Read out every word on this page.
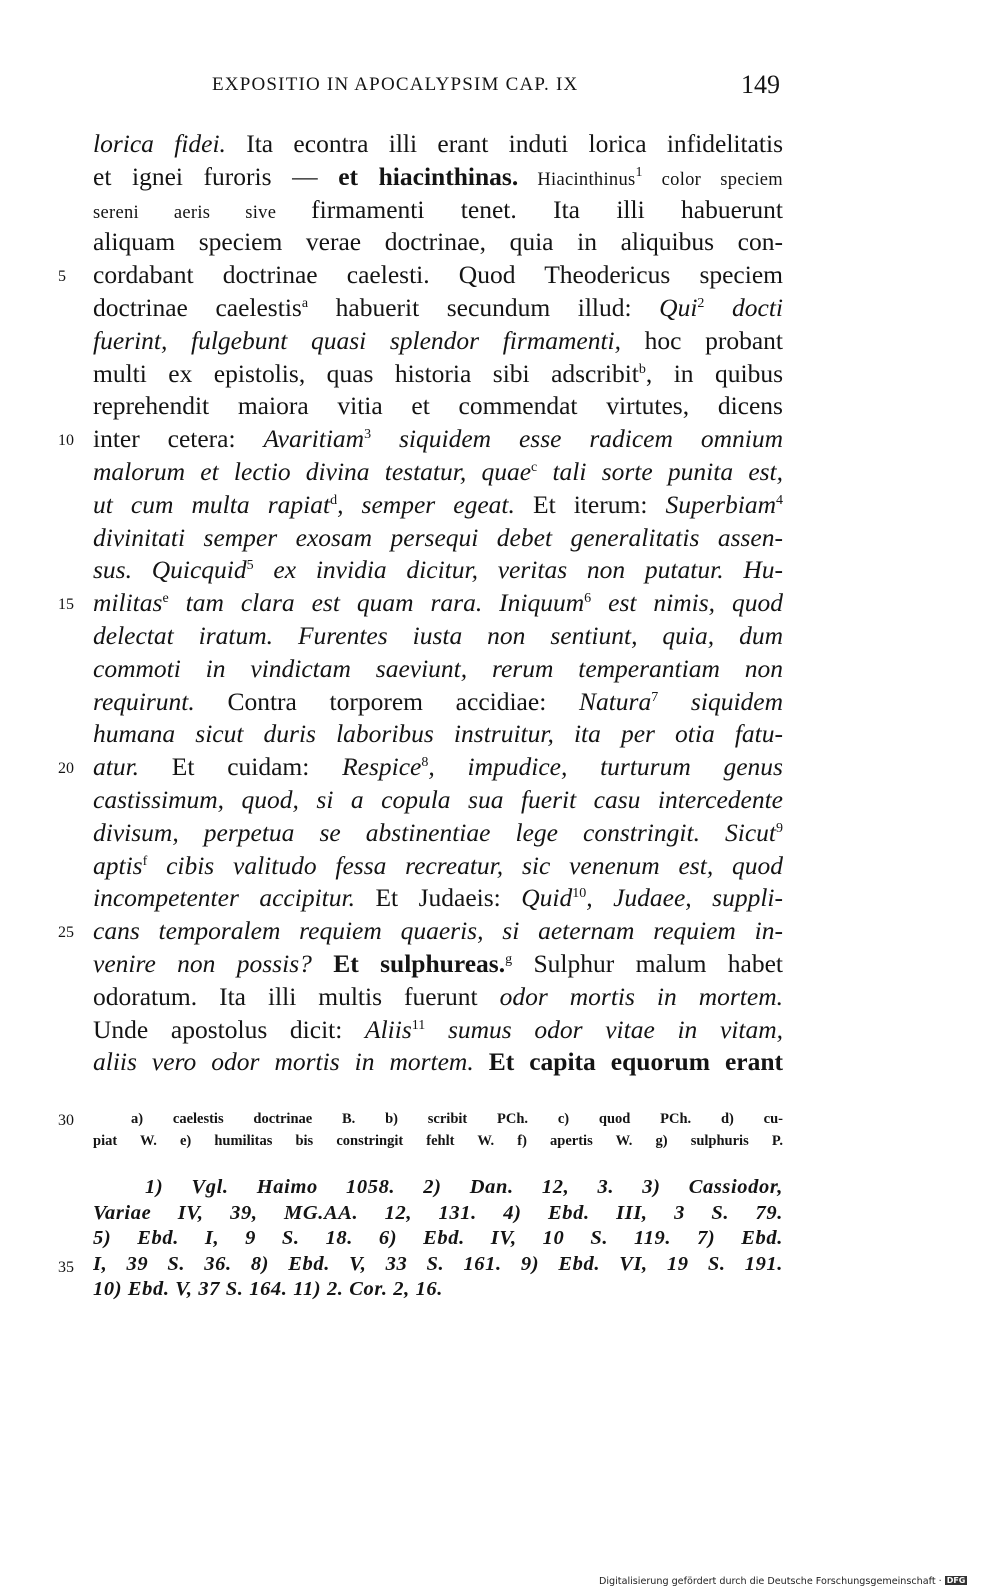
EXPOSITIO IN APOCALYPSIM CAP. IX	149
5
10
15
20
25
30
35
lorica fidei. Ita econtra illi erant induti lorica infidelitatis
et ignei furoris — et hiacinthinas. Hiacinthinus$^1$ color speciem
sereni aeris sive firmamenti tenet. Ita illi habuerunt
aliquam speciem verae doctrinae, quia in aliquibus con-
cordabant doctrinae caelesti. Quod Theodericus speciem
doctrinae caelestis$^a$ habuerit secundum illud: Qui$^2$ docti
fuerint, fulgebunt quasi splendor firmamenti, hoc probant
multi ex epistolis, quas historia sibi adscribit$^b$, in quibus
reprehendit maiora vitia et commendat virtutes, dicens
inter cetera: Avaritiam$^3$ siquidem esse radicem omnium
malorum et lectio divina testatur, quae$^c$ tali sorte punita est,
ut cum multa rapiat$^d$, semper egeat. Et iterum: Superbiam$^4$
divinitati semper exosam persequi debet generalitatis assen-
sus. Quicquid$^5$ ex invidia dicitur, veritas non putatur. Hu-
militas$^e$ tam clara est quam rara. Iniquum$^6$ est nimis, quod
delectat iratum. Furentes iusta non sentiunt, quia, dum
commoti in vindictam saeviunt, rerum temperantiam non
requirunt. Contra torporem accidiae: Natura$^7$ siquidem
humana sicut duris laboribus instruitur, ita per otia fatu-
atur. Et cuidam: Respice$^8$, impudice, turturum genus
castissimum, quod, si a copula sua fuerit casu intercedente
divisum, perpetua se abstinentiae lege constringit. Sicut$^9$
aptis$^f$ cibis valitudo fessa recreatur, sic venenum est, quod
incompetenter accipitur. Et Judaeis: Quid$^{10}$, Judaee, suppli-
cans temporalem requiem quaeris, si aeternam requiem in-
venire non possis? Et sulphureas.$^g$ Sulphur malum habet
odoratum. Ita illi multis fuerunt odor mortis in mortem.
Unde apostolus dicit: Aliis$^{11}$ sumus odor vitae in vitam,
aliis vero odor mortis in mortem. Et capita equorum erant
a) caelestis doctrinae B. b) scribit PCh. c) quod PCh. d) cu-
piat W. e) humilitas bis constringit fehlt W. f) apertis W. g) sulphuris P.
1) Vgl. Haimo 1058. 2) Dan. 12, 3. 3) Cassiodor,
Variae IV, 39, MG.AA. 12, 131. 4) Ebd. III, 3 S. 79.
5) Ebd. I, 9 S. 18. 6) Ebd. IV, 10 S. 119. 7) Ebd.
I, 39 S. 36. 8) Ebd. V, 33 S. 161. 9) Ebd. VI, 19 S. 191.
10) Ebd. V, 37 S. 164. 11) 2. Cor. 2, 16.
Digitalisierung gefördert durch die Deutsche Forschungsgemeinschaft · DFG
